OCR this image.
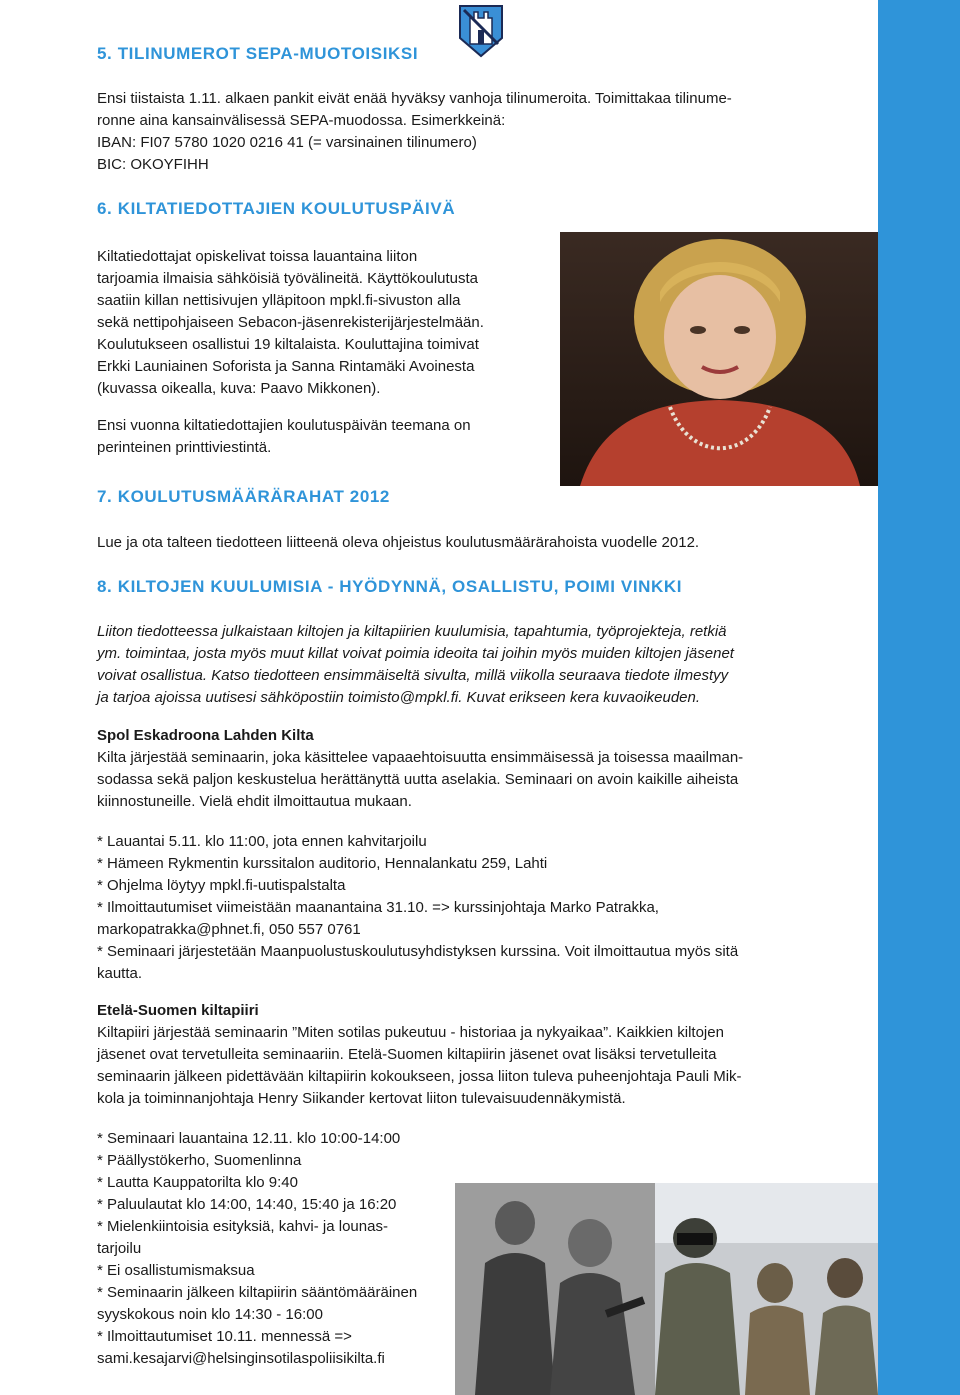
5. TILINUMEROT SEPA-MUOTOISIKSI
Ensi tiistaista 1.11. alkaen pankit eivät enää hyväksy vanhoja tilinumeroita. Toimittakaa tilinume-
ronne aina kansainvälisessä SEPA-muodossa. Esimerkkeinä:
IBAN: FI07 5780 1020 0216 41 (= varsinainen tilinumero)
BIC: OKOYFIHH
6. KILTATIEDOTTAJIEN KOULUTUSPÄIVÄ
Kiltatiedottajat opiskelivat toissa lauantaina liiton
tarjoamia ilmaisia sähköisiä työvälineitä. Käyttökoulutusta
saatiin killan nettisivujen ylläpitoon mpkl.fi-sivuston alla
sekä nettipohjaiseen Sebacon-jäsenrekisterijärjestelmään.
Koulutukseen osallistui 19 kiltalaista. Kouluttajina toimivat
Erkki Launiainen Soforista ja Sanna Rintamäki Avoinesta
(kuvassa oikealla, kuva: Paavo Mikkonen).
Ensi vuonna kiltatiedottajien koulutuspäivän teemana on
perinteinen printtiviestintä.
7. KOULUTUSMÄÄRÄRAHAT 2012
Lue ja ota talteen tiedotteen liitteenä oleva ohjeistus koulutusmäärärahoista vuodelle 2012.
8. KILTOJEN KUULUMISIA - HYÖDYNNÄ, OSALLISTU, POIMI VINKKI
Liiton tiedotteessa julkaistaan kiltojen ja kiltapiirien kuulumisia, tapahtumia, työprojekteja, retkiä
ym. toimintaa, josta myös muut killat voivat poimia ideoita tai joihin myös muiden kiltojen jäsenet
voivat osallistua. Katso tiedotteen ensimmäiseltä sivulta, millä viikolla seuraava tiedote ilmestyy
ja tarjoa ajoissa uutisesi sähköpostiin toimisto@mpkl.fi. Kuvat erikseen kera kuvaoikeuden.
Spol Eskadroona Lahden Kilta
Kilta järjestää seminaarin, joka käsittelee vapaaehtoisuutta ensimmäisessä ja toisessa maailman-
sodassa sekä paljon keskustelua herättänyttä uutta aselakia. Seminaari on avoin kaikille aiheista
kiinnostuneille. Vielä ehdit ilmoittautua mukaan.
* Lauantai 5.11. klo 11:00, jota ennen kahvitarjoilu
* Hämeen Rykmentin kurssitalon auditorio, Hennalankatu 259, Lahti
* Ohjelma löytyy mpkl.fi-uutispalstalta
* Ilmoittautumiset viimeistään maanantaina 31.10. => kurssinjohtaja Marko Patrakka,
markopatrakka@phnet.fi, 050 557 0761
* Seminaari järjestetään Maanpuolustuskoulutusyhdistyksen kurssina. Voit ilmoittautua myös sitä
kautta.
Etelä-Suomen kiltapiiri
Kiltapiiri järjestää seminaarin ”Miten sotilas pukeutuu - historiaa ja nykyaikaa”. Kaikkien kiltojen
jäsenet ovat tervetulleita seminaariin. Etelä-Suomen kiltapiirin jäsenet ovat lisäksi tervetulleita
seminaarin jälkeen pidettävään kiltapiirin kokoukseen, jossa liiton tuleva puheenjohtaja Pauli Mik-
kola ja toiminnanjohtaja Henry Siikander kertovat liiton tulevaisuudennäkymistä.
* Seminaari lauantaina 12.11. klo 10:00-14:00
* Päällystökerho, Suomenlinna
* Lautta Kauppatorilta klo 9:40
* Paluulautat klo 14:00, 14:40, 15:40 ja 16:20
* Mielenkiintoisia esityksiä, kahvi- ja lounas-
tarjoilu
* Ei osallistumismaksua
* Seminaarin jälkeen kiltapiirin sääntömääräinen
syyskokous noin klo 14:30 - 16:00
* Ilmoittautumiset 10.11. mennessä =>
sami.kesajarvi@helsinginsotilaspoliisikilta.fi
